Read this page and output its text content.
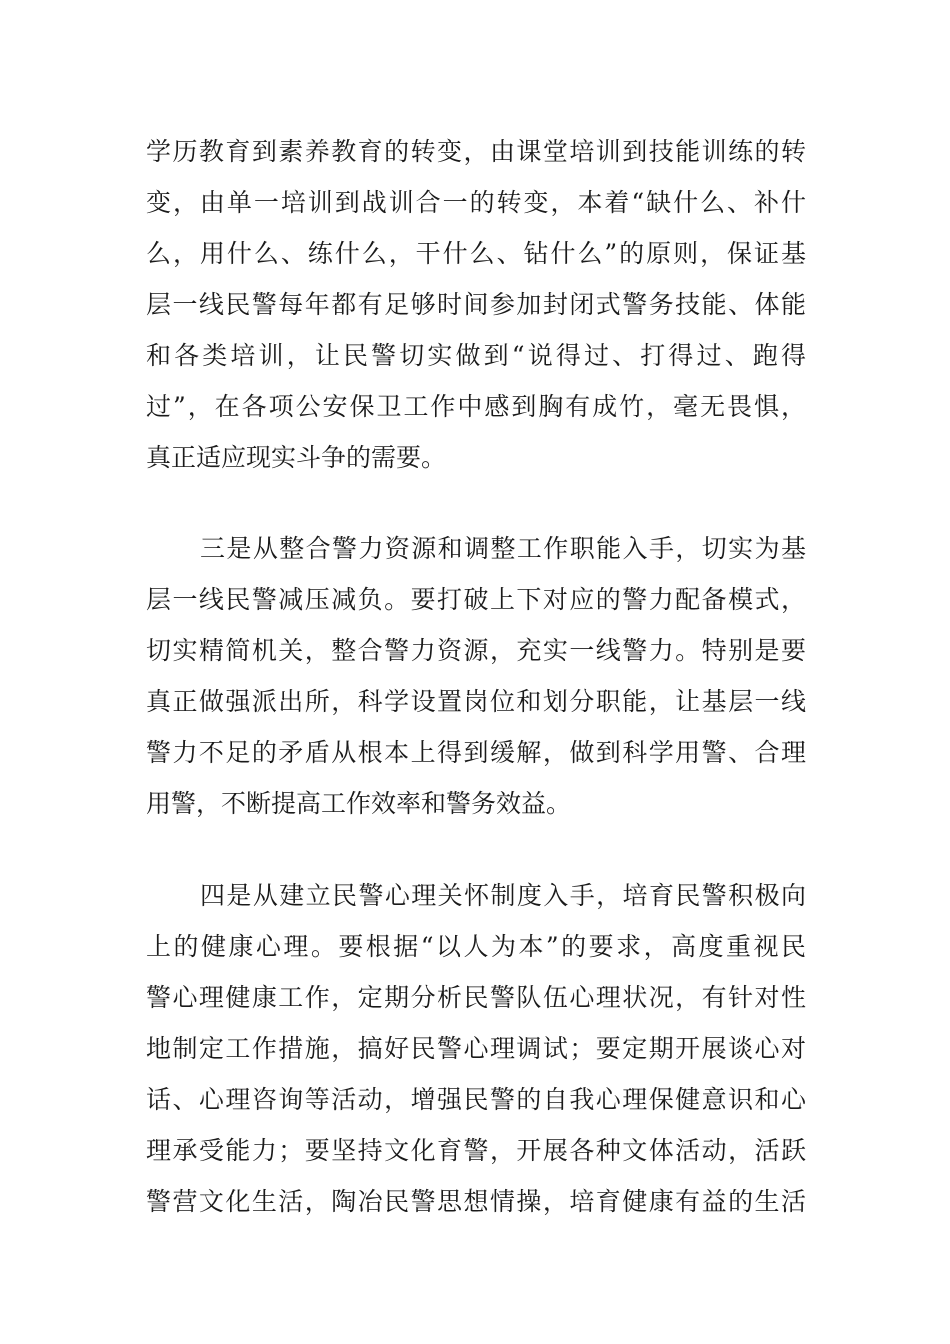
学历教育到素养教育的转变，由课堂培训到技能训练的转
变，由单一培训到战训合一的转变，本着“缺什么、补什
么，用什么、练什么，干什么、钻什么”的原则，保证基
层一线民警每年都有足够时间参加封闭式警务技能、体能
和各类培训，让民警切实做到“说得过、打得过、跑得
过”，在各项公安保卫工作中感到胸有成竹，毫无畏惧，
真正适应现实斗争的需要。
三是从整合警力资源和调整工作职能入手，切实为基
层一线民警减压减负。要打破上下对应的警力配备模式，
切实精简机关，整合警力资源，充实一线警力。特别是要
真正做强派出所，科学设置岗位和划分职能，让基层一线
警力不足的矛盾从根本上得到缓解，做到科学用警、合理
用警，不断提高工作效率和警务效益。
四是从建立民警心理关怀制度入手，培育民警积极向
上的健康心理。要根据“以人为本”的要求，高度重视民
警心理健康工作，定期分析民警队伍心理状况，有针对性
地制定工作措施，搞好民警心理调试；要定期开展谈心对
话、心理咨询等活动，增强民警的自我心理保健意识和心
理承受能力；要坚持文化育警，开展各种文体活动，活跃
警营文化生活，陶冶民警思想情操，培育健康有益的生活
